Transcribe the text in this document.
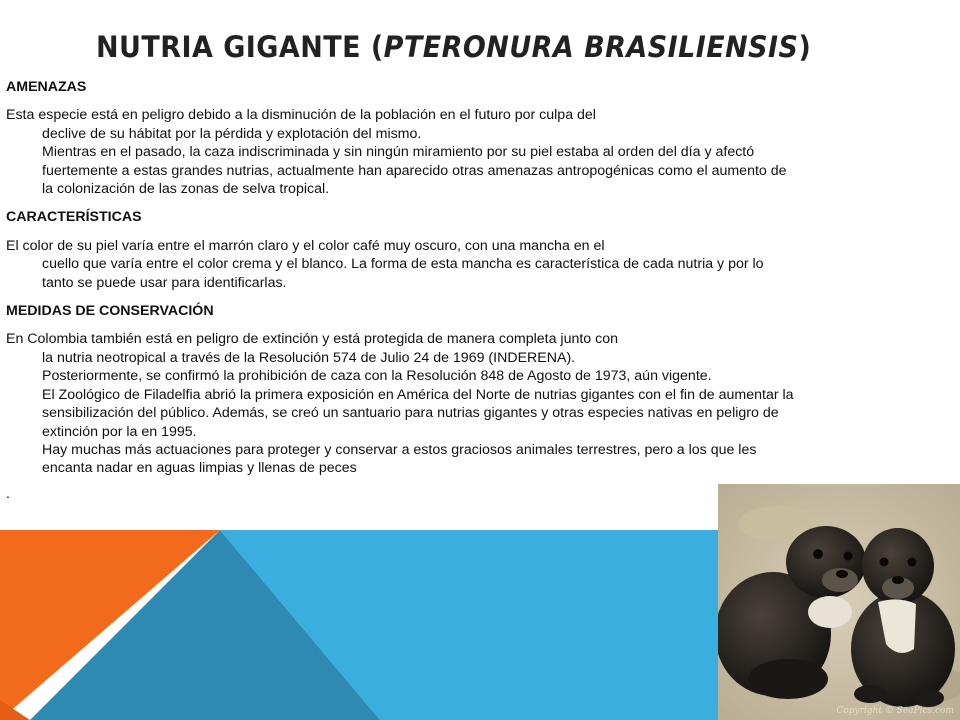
NUTRIA GIGANTE (PTERONURA BRASILIENSIS)

AMENAZAS

Esta especie está en peligro debido a la disminución de la población en el futuro por culpa del
declive de su hábitat por la pérdida y explotación del mismo.
Mientras en el pasado, la caza indiscriminada y sin ningún miramiento por su piel estaba al orden del día y afectó fuertemente a estas grandes nutrias, actualmente han aparecido otras amenazas antropogénicas como el aumento de la colonización de las zonas de selva tropical.

CARACTERÍSTICAS

El color de su piel varía entre el marrón claro y el color café muy oscuro, con una mancha en el
cuello que varía entre el color crema y el blanco. La forma de esta mancha es característica de cada nutria y por lo tanto se puede usar para identificarlas.

MEDIDAS DE CONSERVACIÓN

En Colombia también está en peligro de extinción y está protegida de manera completa junto con
la nutria neotropical a través de la Resolución 574 de Julio 24 de 1969 (INDERENA).
Posteriormente, se confirmó la prohibición de caza con la Resolución 848 de Agosto de 1973, aún vigente.
El Zoológico de Filadelfia abrió la primera exposición en América del Norte de nutrias gigantes con el fin de aumentar la sensibilización del público. Además, se creó un santuario para nutrias gigantes y otras especies nativas en peligro de extinción por la en 1995.
Hay muchas más actuaciones para proteger y conservar a estos graciosos animales terrestres, pero a los que les encanta nadar en aguas limpias y llenas de peces

.

Copyright © SeaPics.com
